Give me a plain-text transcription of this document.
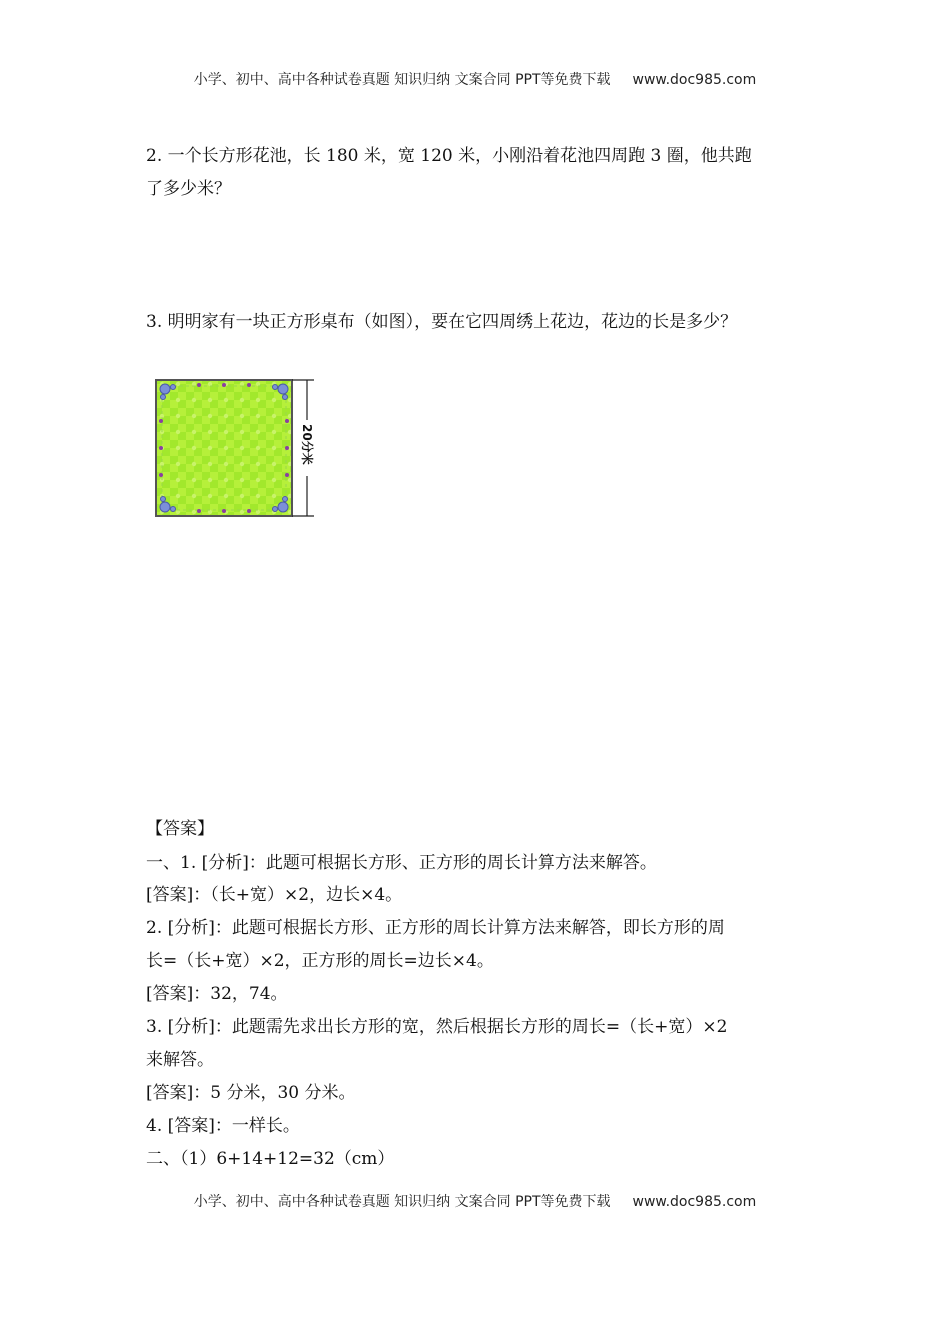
小学、初中、高中各种试卷真题 知识归纳 文案合同 PPT等免费下载 www.doc985.com
2. 一个长方形花池，长 180 米，宽 120 米，小刚沿着花池四周跑 3 圈，他共跑
了多少米？
3. 明明家有一块正方形桌布（如图），要在它四周绣上花边，花边的长是多少？
20分米
【答案】
一、1. [分析]：此题可根据长方形、正方形的周长计算方法来解答。
[答案]：（长+宽）×2，边长×4。
2. [分析]：此题可根据长方形、正方形的周长计算方法来解答，即长方形的周
长=（长+宽）×2，正方形的周长=边长×4。
[答案]：32，74。
3. [分析]：此题需先求出长方形的宽，然后根据长方形的周长=（长+宽）×2
来解答。
[答案]：5 分米，30 分米。
4. [答案]：一样长。
二、（1）6+14+12=32（cm）
小学、初中、高中各种试卷真题 知识归纳 文案合同 PPT等免费下载 www.doc985.com
